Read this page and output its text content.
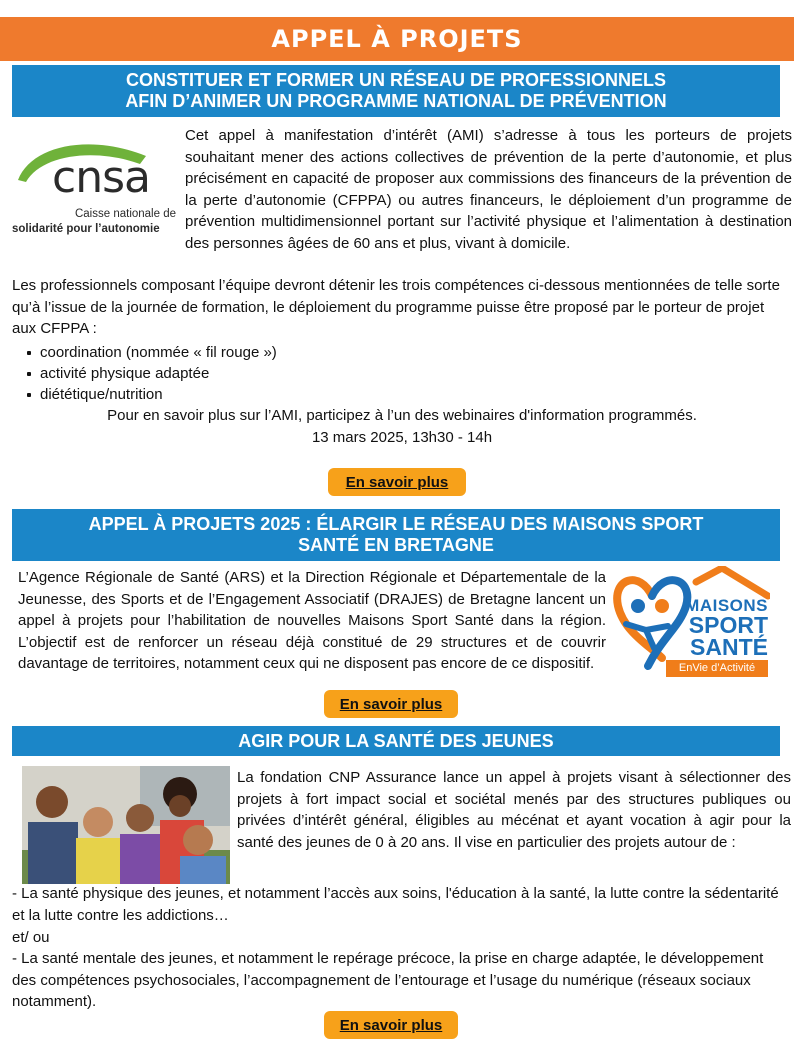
APPEL À PROJETS
CONSTITUER ET FORMER UN RÉSEAU DE PROFESSIONNELS
AFIN D’ANIMER UN PROGRAMME NATIONAL DE PRÉVENTION
cnsa
Caisse nationale de
solidarité pour l’autonomie

Cet appel à manifestation d’intérêt (AMI) s’adresse à tous les porteurs de projets souhaitant mener des actions collectives de prévention de la perte d’autonomie, et plus précisément en capacité de proposer aux commissions des financeurs de la prévention de la perte d’autonomie (CFPPA) ou autres financeurs, le déploiement d’un programme de prévention multidimensionnel portant sur l’activité physique et l’alimentation à destination des personnes âgées de 60 ans et plus, vivant à domicile.

Les professionnels composant l’équipe devront détenir les trois compétences ci-dessous mentionnées de telle sorte qu’à l’issue de la journée de formation, le déploiement du programme puisse être proposé par le porteur de projet aux CFPPA :

coordination (nommée « fil rouge »)
activité physique adaptée
diététique/nutrition

Pour en savoir plus sur l’AMI, participez à l’un des webinaires d'information programmés.

13 mars 2025, 13h30 - 14h

En savoir plus
APPEL À PROJETS 2025 : ÉLARGIR LE RÉSEAU DES MAISONS SPORT
SANTÉ EN BRETAGNE

L’Agence Régionale de Santé (ARS) et la Direction Régionale et Départementale de la Jeunesse, des Sports et de l’Engagement Associatif (DRAJES) de Bretagne lancent un appel à projets pour l’habilitation de nouvelles Maisons Sport Santé dans la région. L’objectif est de renforcer un réseau déjà constitué de 29 structures et de couvrir davantage de territoires, notamment ceux qui ne disposent pas encore de ce dispositif.

MAISONS
SPORT
SANTÉ
EnVie d’Activité
En savoir plus
AGIR POUR LA SANTÉ DES JEUNES

La fondation CNP Assurance lance un appel à projets visant à sélectionner des projets à fort impact social et sociétal menés par des structures publiques ou privées d’intérêt général, éligibles au mécénat et ayant vocation à agir pour la santé des jeunes de 0 à 20 ans. Il vise en particulier des projets autour de :

- La santé physique des jeunes, et notamment l’accès aux soins, l'éducation à la santé, la lutte contre la sédentarité et la lutte contre les addictions…

et/ ou

- La santé mentale des jeunes, et notamment le repérage précoce, la prise en charge adaptée, le développement des compétences psychosociales, l’accompagnement de l’entourage et l’usage du numérique (réseaux sociaux notamment).

En savoir plus
